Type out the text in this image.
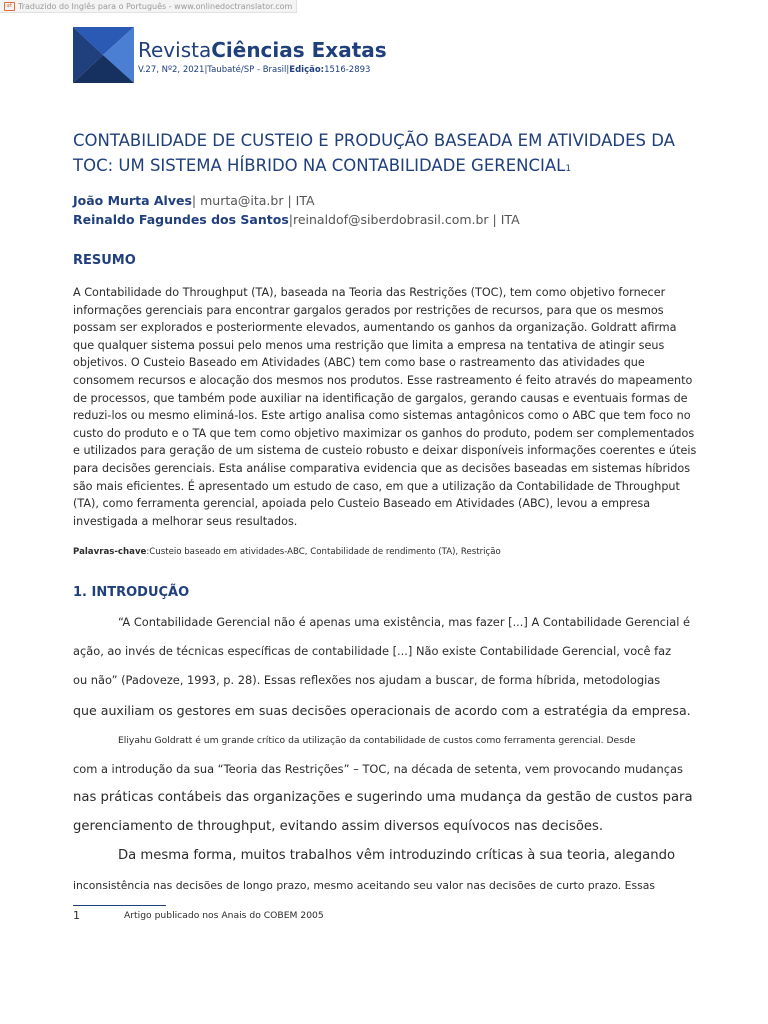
⇄ Traduzido do Inglês para o Português - www.onlinedoctranslator.com
RevistaCiências Exatas
V.27, Nº2, 2021|Taubaté/SP - Brasil|Edição:1516-2893
CONTABILIDADE DE CUSTEIO E PRODUÇÃO BASEADA EM ATIVIDADES DA TOC: UM SISTEMA HÍBRIDO NA CONTABILIDADE GERENCIAL1
João Murta Alves| murta@ita.br | ITA
Reinaldo Fagundes dos Santos|reinaldof@siberdobrasil.com.br | ITA
RESUMO

A Contabilidade do Throughput (TA), baseada na Teoria das Restrições (TOC), tem como objetivo fornecer informações gerenciais para encontrar gargalos gerados por restrições de recursos, para que os mesmos possam ser explorados e posteriormente elevados, aumentando os ganhos da organização. Goldratt afirma que qualquer sistema possui pelo menos uma restrição que limita a empresa na tentativa de atingir seus objetivos. O Custeio Baseado em Atividades (ABC) tem como base o rastreamento das atividades que consomem recursos e alocação dos mesmos nos produtos. Esse rastreamento é feito através do mapeamento de processos, que também pode auxiliar na identificação de gargalos, gerando causas e eventuais formas de reduzi-los ou mesmo eliminá-los. Este artigo analisa como sistemas antagônicos como o ABC que tem foco no custo do produto e o TA que tem como objetivo maximizar os ganhos do produto, podem ser complementados e utilizados para geração de um sistema de custeio robusto e deixar disponíveis informações coerentes e úteis para decisões gerenciais. Esta análise comparativa evidencia que as decisões baseadas em sistemas híbridos são mais eficientes. É apresentado um estudo de caso, em que a utilização da Contabilidade de Throughput (TA), como ferramenta gerencial, apoiada pelo Custeio Baseado em Atividades (ABC), levou a empresa investigada a melhorar seus resultados.

Palavras-chave:Custeio baseado em atividades-ABC, Contabilidade de rendimento (TA), Restrição
1. INTRODUÇÃO
“A Contabilidade Gerencial não é apenas uma existência, mas fazer [...] A Contabilidade Gerencial é
ação, ao invés de técnicas específicas de contabilidade [...] Não existe Contabilidade Gerencial, você faz
ou não” (Padoveze, 1993, p. 28). Essas reflexões nos ajudam a buscar, de forma híbrida, metodologias
que auxiliam os gestores em suas decisões operacionais de acordo com a estratégia da empresa.
Eliyahu Goldratt é um grande crítico da utilização da contabilidade de custos como ferramenta gerencial. Desde
com a introdução da sua “Teoria das Restrições” – TOC, na década de setenta, vem provocando mudanças
nas práticas contábeis das organizações e sugerindo uma mudança da gestão de custos para
gerenciamento de throughput, evitando assim diversos equívocos nas decisões.
Da mesma forma, muitos trabalhos vêm introduzindo críticas à sua teoria, alegando
inconsistência nas decisões de longo prazo, mesmo aceitando seu valor nas decisões de curto prazo. Essas
1	Artigo publicado nos Anais do COBEM 2005
